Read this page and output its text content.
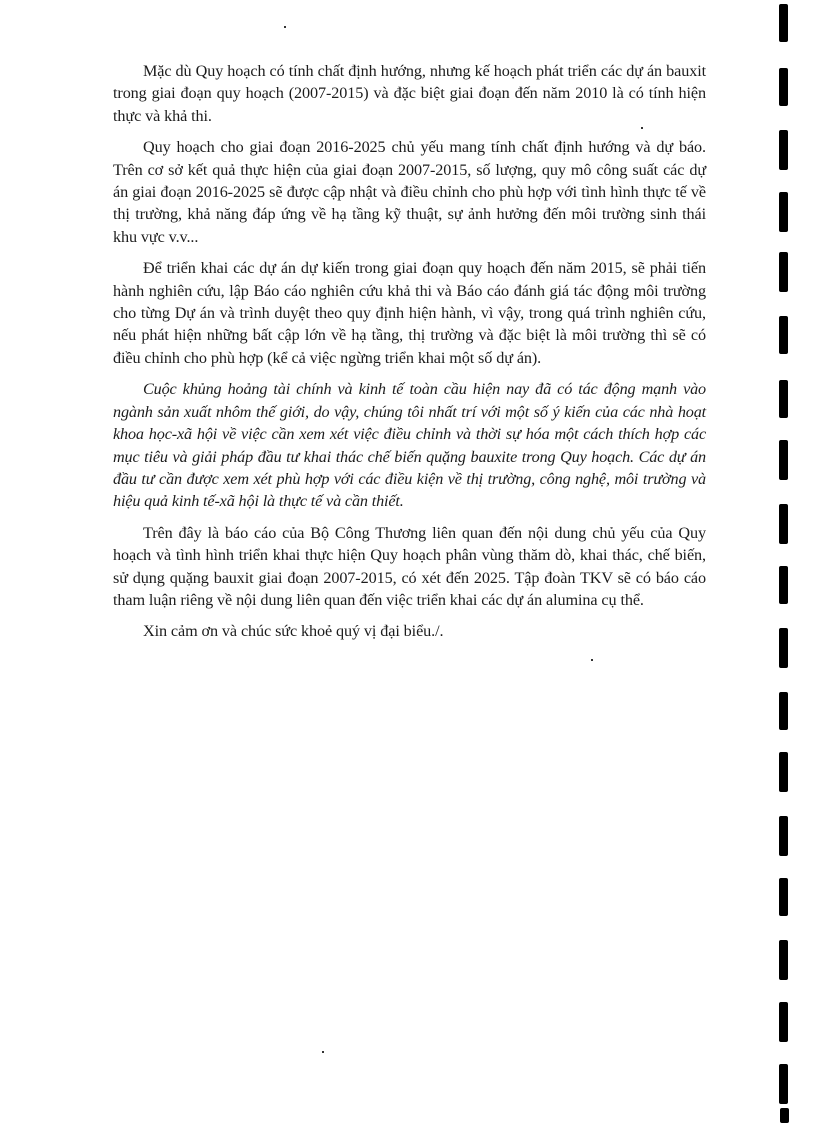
Mặc dù Quy hoạch có tính chất định hướng, nhưng kế hoạch phát triển các dự án bauxit trong giai đoạn quy hoạch (2007-2015) và đặc biệt giai đoạn đến năm 2010 là có tính hiện thực và khả thi.

Quy hoạch cho giai đoạn 2016-2025 chủ yếu mang tính chất định hướng và dự báo. Trên cơ sở kết quả thực hiện của giai đoạn 2007-2015, số lượng, quy mô công suất các dự án giai đoạn 2016-2025 sẽ được cập nhật và điều chỉnh cho phù hợp với tình hình thực tế về thị trường, khả năng đáp ứng về hạ tầng kỹ thuật, sự ảnh hưởng đến môi trường sinh thái khu vực v.v...

Để triển khai các dự án dự kiến trong giai đoạn quy hoạch đến năm 2015, sẽ phải tiến hành nghiên cứu, lập Báo cáo nghiên cứu khả thi và Báo cáo đánh giá tác động môi trường cho từng Dự án và trình duyệt theo quy định hiện hành, vì vậy, trong quá trình nghiên cứu, nếu phát hiện những bất cập lớn về hạ tầng, thị trường và đặc biệt là môi trường thì sẽ có điều chỉnh cho phù hợp (kể cả việc ngừng triển khai một số dự án).

Cuộc khủng hoảng tài chính và kinh tế toàn cầu hiện nay đã có tác động mạnh vào ngành sản xuất nhôm thế giới, do vậy, chúng tôi nhất trí với một số ý kiến của các nhà hoạt khoa học-xã hội về việc cần xem xét việc điều chỉnh và thời sự hóa một cách thích hợp các mục tiêu và giải pháp đầu tư khai thác chế biến quặng bauxite trong Quy hoạch. Các dự án đầu tư cần được xem xét phù hợp với các điều kiện về thị trường, công nghệ, môi trường và hiệu quả kinh tế-xã hội là thực tế và cần thiết.

Trên đây là báo cáo của Bộ Công Thương liên quan đến nội dung chủ yếu của Quy hoạch và tình hình triển khai thực hiện Quy hoạch phân vùng thăm dò, khai thác, chế biến, sử dụng quặng bauxit giai đoạn 2007-2015, có xét đến 2025. Tập đoàn TKV sẽ có báo cáo tham luận riêng về nội dung liên quan đến việc triển khai các dự án alumina cụ thể.

Xin cảm ơn và chúc sức khoẻ quý vị đại biểu./.
